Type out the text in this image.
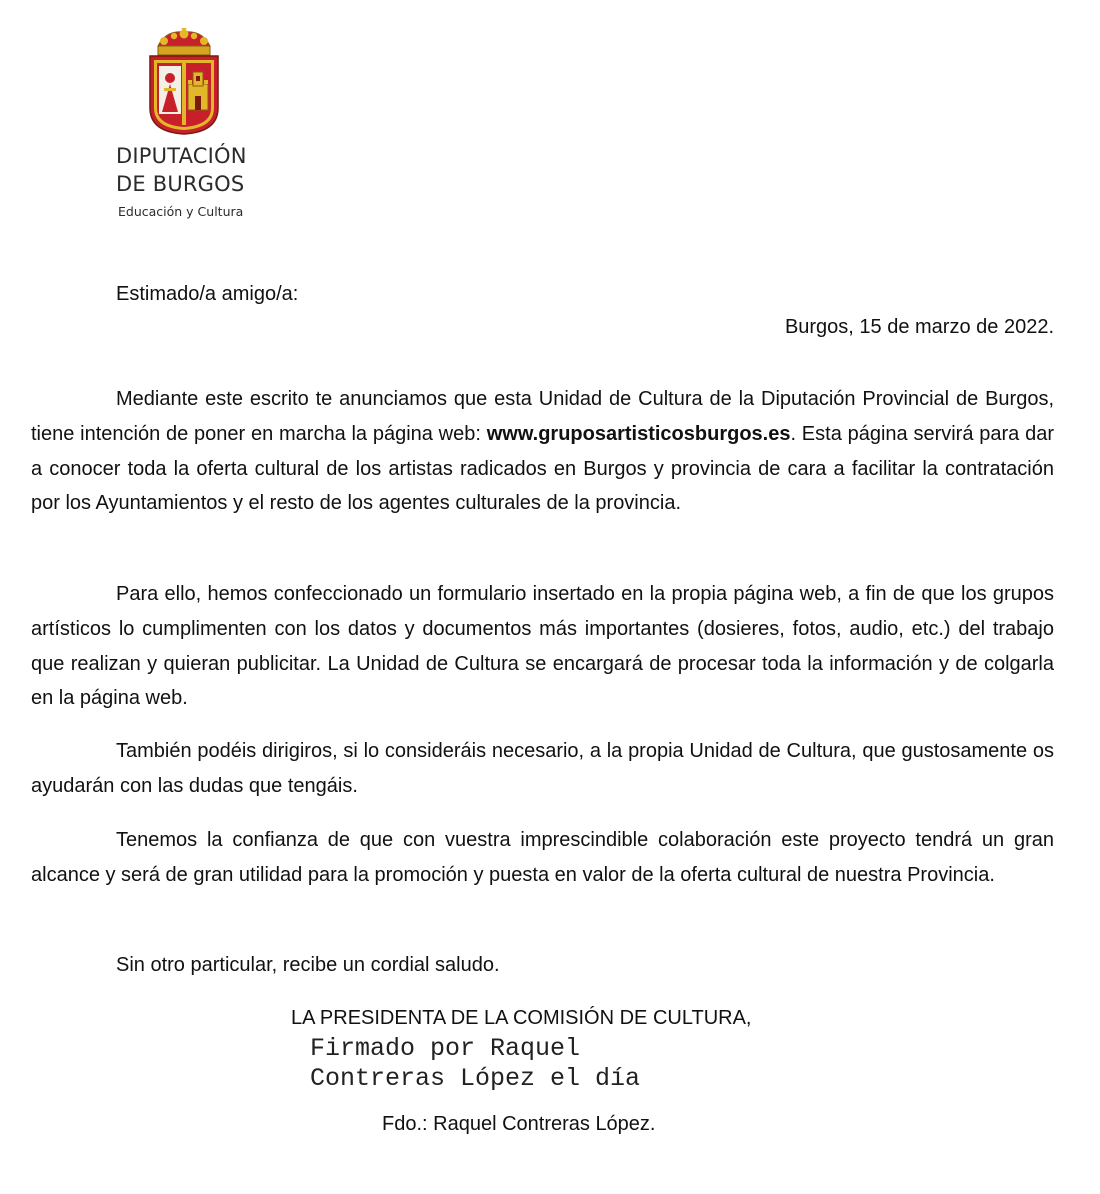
DIPUTACIÓN
DE BURGOS
Educación y Cultura
Estimado/a amigo/a:
Burgos, 15 de marzo de 2022.

Mediante este escrito te anunciamos que esta Unidad de Cultura de la Diputación Provincial de Burgos, tiene intención de poner en marcha la página web: www.gruposartisticosburgos.es. Esta página servirá para dar a conocer toda la oferta cultural de los artistas radicados en Burgos y provincia de cara a facilitar la contratación por los Ayuntamientos y el resto de los agentes culturales de la provincia.

Para ello, hemos confeccionado un formulario insertado en la propia página web, a fin de que los grupos artísticos lo cumplimenten con los datos y documentos más importantes (dosieres, fotos, audio, etc.) del trabajo que realizan y quieran publicitar. La Unidad de Cultura se encargará de procesar toda la información y de colgarla en la página web.

También podéis dirigiros, si lo consideráis necesario, a la propia Unidad de Cultura, que gustosamente os ayudarán con las dudas que tengáis.

Tenemos la confianza de que con vuestra imprescindible colaboración este proyecto tendrá un gran alcance y será de gran utilidad para la promoción y puesta en valor de la oferta cultural de nuestra Provincia.

Sin otro particular, recibe un cordial saludo.

LA PRESIDENTA DE LA COMISIÓN DE CULTURA,
Firmado por Raquel
Contreras López el día
Fdo.: Raquel Contreras López.
